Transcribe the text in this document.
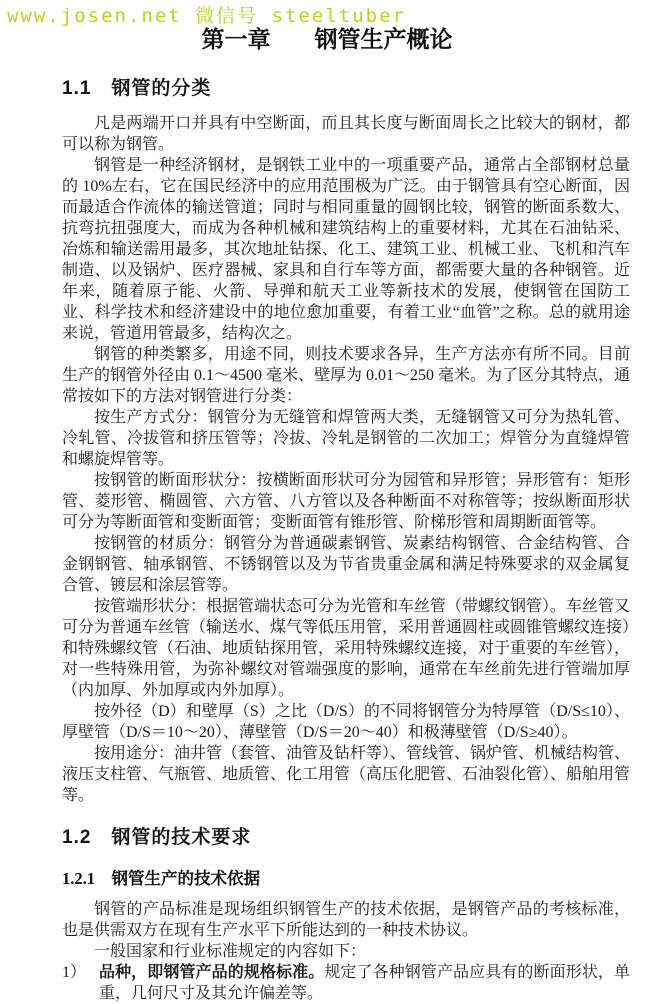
www.josen.net 微信号 steeltuber
第一章 钢管生产概论
1.1　钢管的分类

凡是两端开口并具有中空断面，而且其长度与断面周长之比较大的钢材，都可以称为钢管。

钢管是一种经济钢材，是钢铁工业中的一项重要产品，通常占全部钢材总量的 10%左右，它在国民经济中的应用范围极为广泛。由于钢管具有空心断面，因而最适合作流体的输送管道；同时与相同重量的圆钢比较，钢管的断面系数大、抗弯抗扭强度大，而成为各种机械和建筑结构上的重要材料，尤其在石油钻采、冶炼和输送需用最多，其次地址钻探、化工、建筑工业、机械工业、飞机和汽车制造、以及锅炉、医疗器械、家具和自行车等方面，都需要大量的各种钢管。近年来，随着原子能、火箭、导弹和航天工业等新技术的发展，使钢管在国防工业、科学技术和经济建设中的地位愈加重要，有着工业“血管”之称。总的就用途来说，管道用管最多，结构次之。

钢管的种类繁多，用途不同，则技术要求各异，生产方法亦有所不同。目前生产的钢管外径由 0.1～4500 毫米、壁厚为 0.01～250 毫米。为了区分其特点，通常按如下的方法对钢管进行分类：

按生产方式分：钢管分为无缝管和焊管两大类，无缝钢管又可分为热轧管、冷轧管、冷拔管和挤压管等；冷拔、冷轧是钢管的二次加工；焊管分为直缝焊管和螺旋焊管等。

按钢管的断面形状分：按横断面形状可分为园管和异形管；异形管有：矩形管、菱形管、椭圆管、六方管、八方管以及各种断面不对称管等；按纵断面形状可分为等断面管和变断面管；变断面管有锥形管、阶梯形管和周期断面管等。

按钢管的材质分：钢管分为普通碳素钢管、炭素结构钢管、合金结构管、合金钢钢管、轴承钢管、不锈钢管以及为节省贵重金属和满足特殊要求的双金属复合管、镀层和涂层管等。

按管端形状分：根据管端状态可分为光管和车丝管（带螺纹钢管）。车丝管又可分为普通车丝管（输送水、煤气等低压用管，采用普通圆柱或圆锥管螺纹连接）和特殊螺纹管（石油、地质钻探用管，采用特殊螺纹连接，对于重要的车丝管），对一些特殊用管，为弥补螺纹对管端强度的影响，通常在车丝前先进行管端加厚（内加厚、外加厚或内外加厚）。

按外径（D）和壁厚（S）之比（D/S）的不同将钢管分为特厚管（D/S≤10）、厚壁管（D/S＝10～20）、薄壁管（D/S＝20～40）和极薄壁管（D/S≥40）。

按用途分：油井管（套管、油管及钻杆等）、管线管、锅炉管、机械结构管、液压支柱管、气瓶管、地质管、化工用管（高压化肥管、石油裂化管）、船舶用管等。

1.2　钢管的技术要求
1.2.1　钢管生产的技术依据

钢管的产品标准是现场组织钢管生产的技术依据，是钢管产品的考核标准，也是供需双方在现有生产水平下所能达到的一种技术协议。

一般国家和行业标准规定的内容如下：

1） 品种，即钢管产品的规格标准。规定了各种钢管产品应具有的断面形状，单重，几何尺寸及其允许偏差等。
